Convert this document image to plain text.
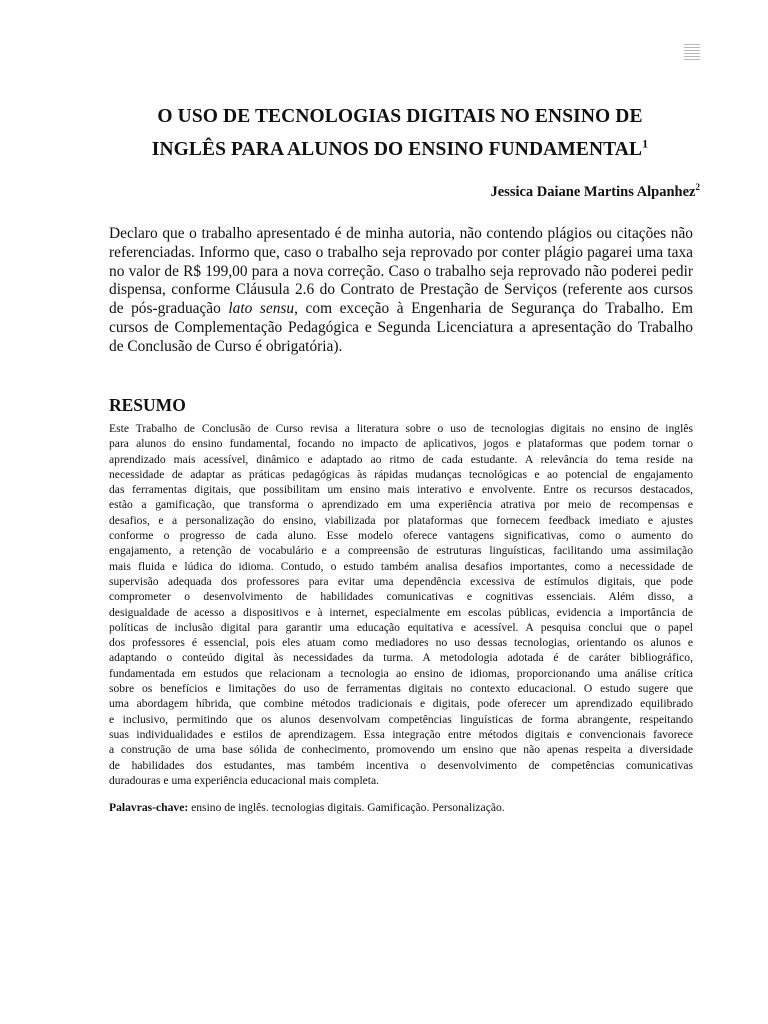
O USO DE TECNOLOGIAS DIGITAIS NO ENSINO DE
INGLÊS PARA ALUNOS DO ENSINO FUNDAMENTAL$^1$
Jessica Daiane Martins Alpanhez$^2$
Declaro que o trabalho apresentado é de minha autoria, não contendo plágios ou citações não
referenciadas. Informo que, caso o trabalho seja reprovado por conter plágio pagarei uma taxa
no valor de R$ 199,00 para a nova correção. Caso o trabalho seja reprovado não poderei pedir
dispensa, conforme Cláusula 2.6 do Contrato de Prestação de Serviços (referente aos cursos
de pós-graduação lato sensu, com exceção à Engenharia de Segurança do Trabalho. Em
cursos de Complementação Pedagógica e Segunda Licenciatura a apresentação do Trabalho
de Conclusão de Curso é obrigatória).
RESUMO
Este Trabalho de Conclusão de Curso revisa a literatura sobre o uso de tecnologias digitais no ensino de inglês
para alunos do ensino fundamental, focando no impacto de aplicativos, jogos e plataformas que podem tornar o
aprendizado mais acessível, dinâmico e adaptado ao ritmo de cada estudante. A relevância do tema reside na
necessidade de adaptar as práticas pedagógicas às rápidas mudanças tecnológicas e ao potencial de engajamento
das ferramentas digitais, que possibilitam um ensino mais interativo e envolvente. Entre os recursos destacados,
estão a gamificação, que transforma o aprendizado em uma experiência atrativa por meio de recompensas e
desafios, e a personalização do ensino, viabilizada por plataformas que fornecem feedback imediato e ajustes
conforme o progresso de cada aluno. Esse modelo oferece vantagens significativas, como o aumento do
engajamento, a retenção de vocabulário e a compreensão de estruturas linguísticas, facilitando uma assimilação
mais fluida e lúdica do idioma. Contudo, o estudo também analisa desafios importantes, como a necessidade de
supervisão adequada dos professores para evitar uma dependência excessiva de estímulos digitais, que pode
comprometer o desenvolvimento de habilidades comunicativas e cognitivas essenciais. Além disso, a
desigualdade de acesso a dispositivos e à internet, especialmente em escolas públicas, evidencia a importância de
políticas de inclusão digital para garantir uma educação equitativa e acessível. A pesquisa conclui que o papel
dos professores é essencial, pois eles atuam como mediadores no uso dessas tecnologias, orientando os alunos e
adaptando o conteúdo digital às necessidades da turma. A metodologia adotada é de caráter bibliográfico,
fundamentada em estudos que relacionam a tecnologia ao ensino de idiomas, proporcionando uma análise crítica
sobre os benefícios e limitações do uso de ferramentas digitais no contexto educacional. O estudo sugere que
uma abordagem híbrida, que combine métodos tradicionais e digitais, pode oferecer um aprendizado equilibrado
e inclusivo, permitindo que os alunos desenvolvam competências linguísticas de forma abrangente, respeitando
suas individualidades e estilos de aprendizagem. Essa integração entre métodos digitais e convencionais favorece
a construção de uma base sólida de conhecimento, promovendo um ensino que não apenas respeita a diversidade
de habilidades dos estudantes, mas também incentiva o desenvolvimento de competências comunicativas
duradouras e uma experiência educacional mais completa.
Palavras-chave: ensino de inglês. tecnologias digitais. Gamificação. Personalização.
